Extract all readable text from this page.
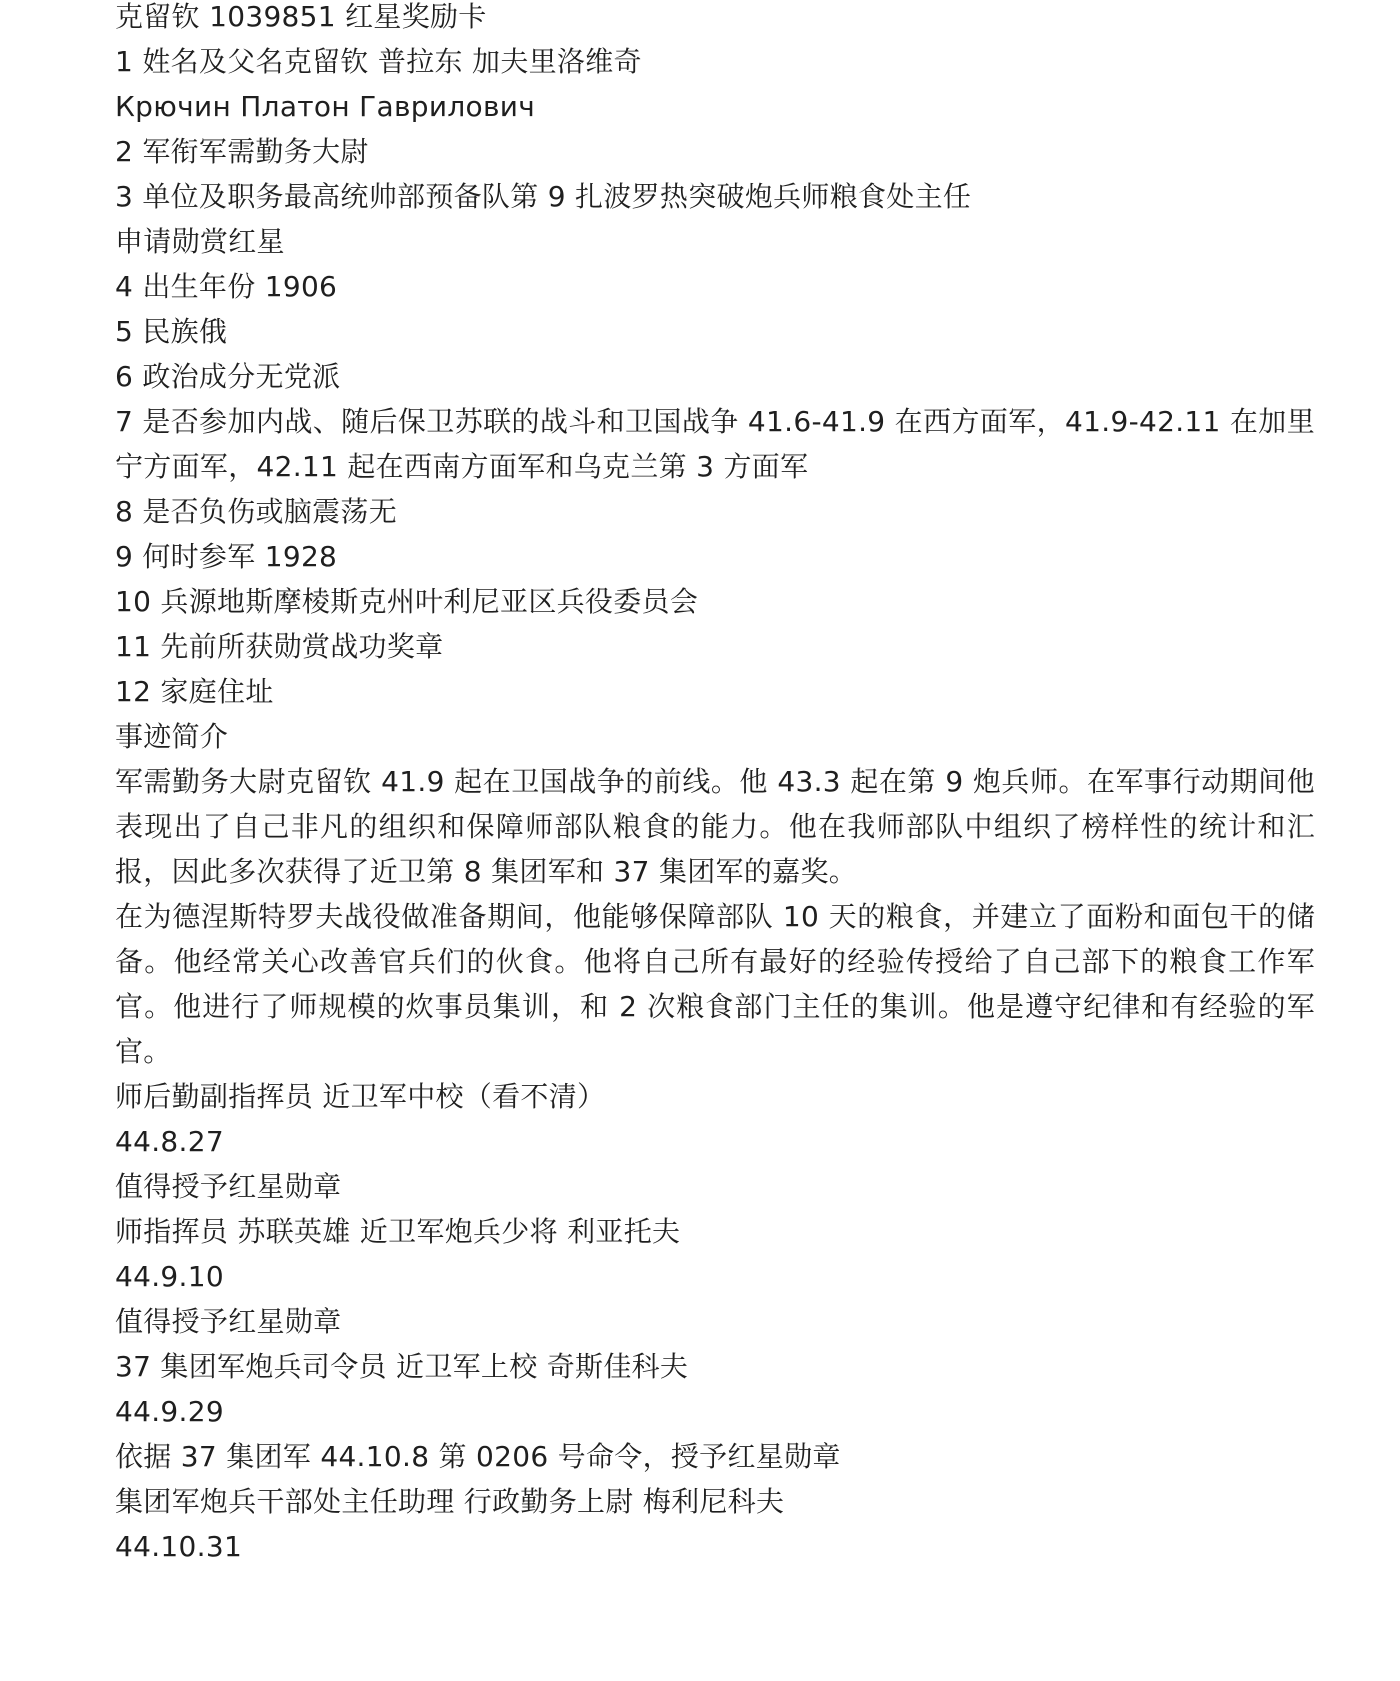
克留钦 1039851 红星奖励卡

1 姓名及父名克留钦 普拉东 加夫里洛维奇

Крючин Платон Гаврилович

2 军衔军需勤务大尉

3 单位及职务最高统帅部预备队第 9 扎波罗热突破炮兵师粮食处主任

申请勋赏红星

4 出生年份 1906

5 民族俄

6 政治成分无党派

7 是否参加内战、随后保卫苏联的战斗和卫国战争 41.6-41.9 在西方面军，41.9-42.11 在加里宁方面军，42.11 起在西南方面军和乌克兰第 3 方面军

8 是否负伤或脑震荡无

9 何时参军 1928

10 兵源地斯摩棱斯克州叶利尼亚区兵役委员会

11 先前所获勋赏战功奖章

12 家庭住址

事迹简介

军需勤务大尉克留钦 41.9 起在卫国战争的前线。他 43.3 起在第 9 炮兵师。在军事行动期间他表现出了自己非凡的组织和保障师部队粮食的能力。他在我师部队中组织了榜样性的统计和汇报，因此多次获得了近卫第 8 集团军和 37 集团军的嘉奖。

在为德涅斯特罗夫战役做准备期间，他能够保障部队 10 天的粮食，并建立了面粉和面包干的储备。他经常关心改善官兵们的伙食。他将自己所有最好的经验传授给了自己部下的粮食工作军官。他进行了师规模的炊事员集训，和 2 次粮食部门主任的集训。他是遵守纪律和有经验的军官。

师后勤副指挥员 近卫军中校（看不清）

44.8.27

值得授予红星勋章

师指挥员 苏联英雄 近卫军炮兵少将 利亚托夫

44.9.10

值得授予红星勋章

37 集团军炮兵司令员 近卫军上校 奇斯佳科夫

44.9.29

依据 37 集团军 44.10.8 第 0206 号命令，授予红星勋章

集团军炮兵干部处主任助理 行政勤务上尉 梅利尼科夫

44.10.31
